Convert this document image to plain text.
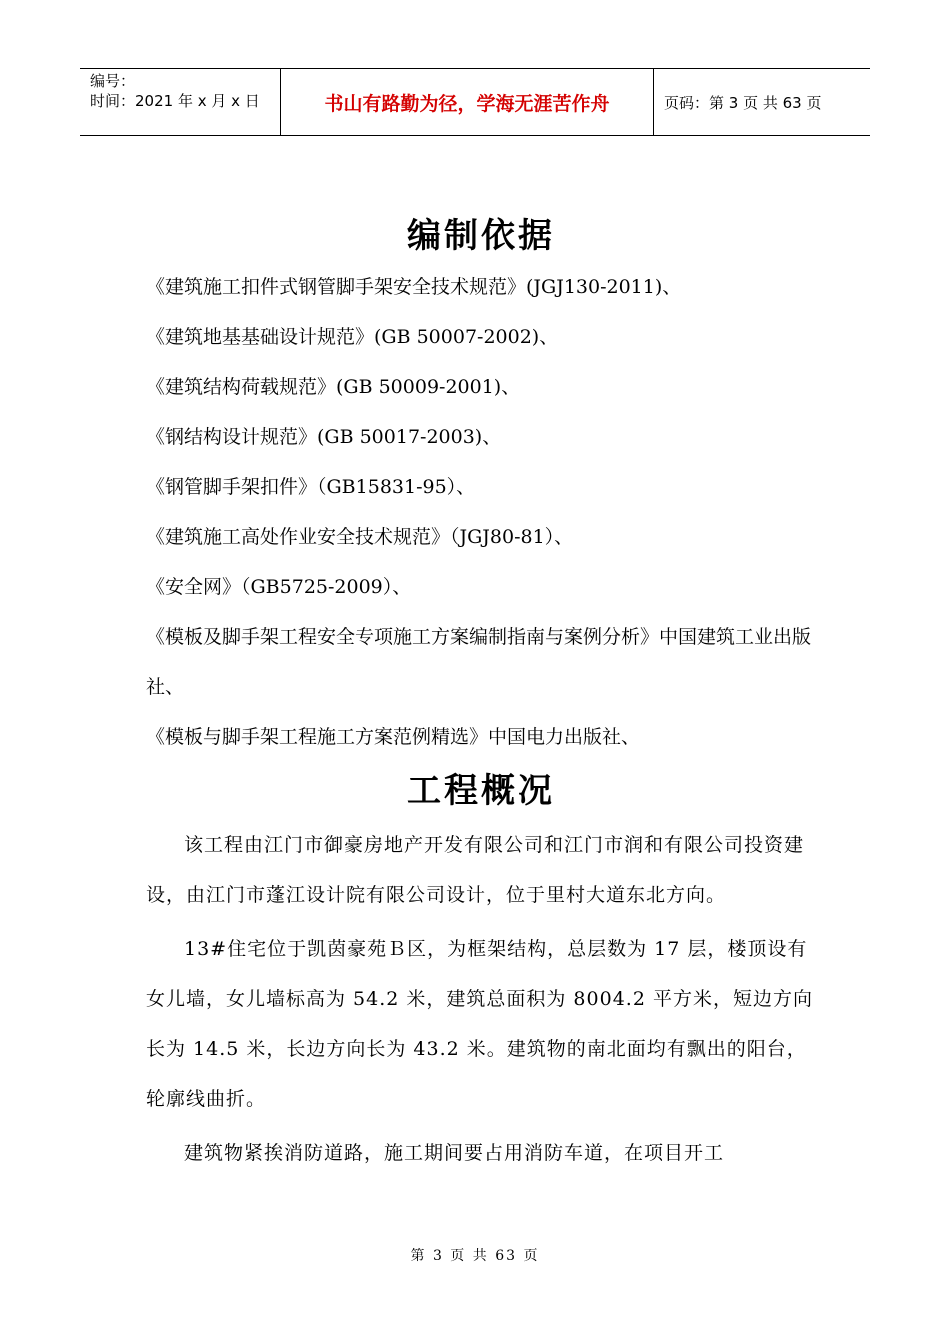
编号：
时间：2021 年 x 月 x 日	书山有路勤为径，学海无涯苦作舟	页码：第 3 页 共 63 页
编制依据
《建筑施工扣件式钢管脚手架安全技术规范》(JGJ130-2011)、
《建筑地基基础设计规范》(GB 50007-2002)、
《建筑结构荷载规范》(GB 50009-2001)、
《钢结构设计规范》(GB 50017-2003)、
《钢管脚手架扣件》（GB15831-95）、
《建筑施工高处作业安全技术规范》（JGJ80-81）、
《安全网》（GB5725-2009）、
《模板及脚手架工程安全专项施工方案编制指南与案例分析》中国建筑工业出版社、
《模板与脚手架工程施工方案范例精选》中国电力出版社、
工程概况

该工程由江门市御豪房地产开发有限公司和江门市润和有限公司投资建设，由江门市蓬江设计院有限公司设计，位于里村大道东北方向。

13#住宅位于凯茵豪苑Ｂ区，为框架结构，总层数为 17 层，楼顶设有女儿墙，女儿墙标高为 54.2 米，建筑总面积为 8004.2 平方米，短边方向长为 14.5 米，长边方向长为 43.2 米。建筑物的南北面均有飘出的阳台，轮廓线曲折。

建筑物紧挨消防道路，施工期间要占用消防车道，在项目开工

第 3 页 共 63 页
